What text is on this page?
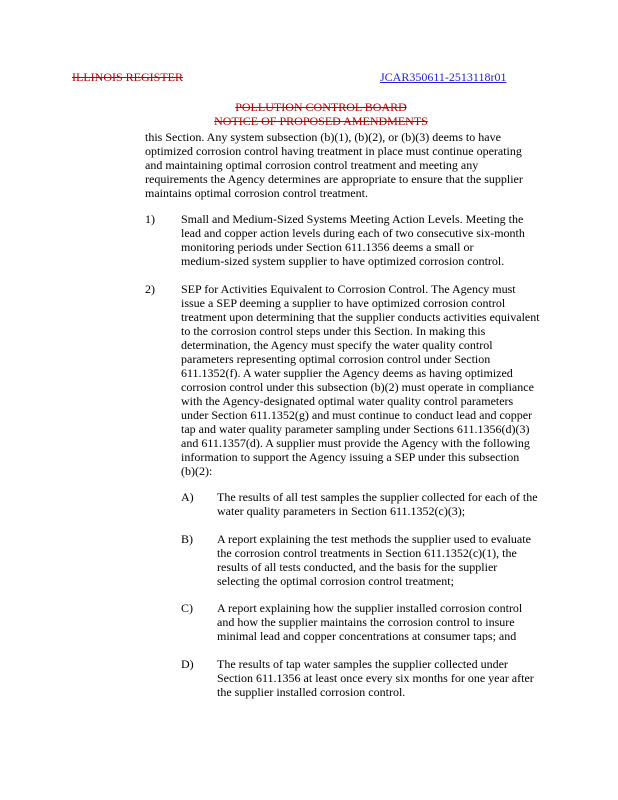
ILLINOIS REGISTER	JCAR350611-2513118r01
POLLUTION CONTROL BOARD
NOTICE OF PROPOSED AMENDMENTS
this Section. Any system subsection (b)(1), (b)(2), or (b)(3) deems to have
optimized corrosion control having treatment in place must continue operating
and maintaining optimal corrosion control treatment and meeting any
requirements the Agency determines are appropriate to ensure that the supplier
maintains optimal corrosion control treatment.
1) Small and Medium-Sized Systems Meeting Action Levels. Meeting the
lead and copper action levels during each of two consecutive six-month
monitoring periods under Section 611.1356 deems a small or
medium-sized system supplier to have optimized corrosion control.
2) SEP for Activities Equivalent to Corrosion Control. The Agency must
issue a SEP deeming a supplier to have optimized corrosion control
treatment upon determining that the supplier conducts activities equivalent
to the corrosion control steps under this Section. In making this
determination, the Agency must specify the water quality control
parameters representing optimal corrosion control under Section
611.1352(f). A water supplier the Agency deems as having optimized
corrosion control under this subsection (b)(2) must operate in compliance
with the Agency-designated optimal water quality control parameters
under Section 611.1352(g) and must continue to conduct lead and copper
tap and water quality parameter sampling under Sections 611.1356(d)(3)
and 611.1357(d). A supplier must provide the Agency with the following
information to support the Agency issuing a SEP under this subsection
(b)(2):
A) The results of all test samples the supplier collected for each of the
water quality parameters in Section 611.1352(c)(3);
B) A report explaining the test methods the supplier used to evaluate
the corrosion control treatments in Section 611.1352(c)(1), the
results of all tests conducted, and the basis for the supplier
selecting the optimal corrosion control treatment;
C) A report explaining how the supplier installed corrosion control
and how the supplier maintains the corrosion control to insure
minimal lead and copper concentrations at consumer taps; and
D) The results of tap water samples the supplier collected under
Section 611.1356 at least once every six months for one year after
the supplier installed corrosion control.
